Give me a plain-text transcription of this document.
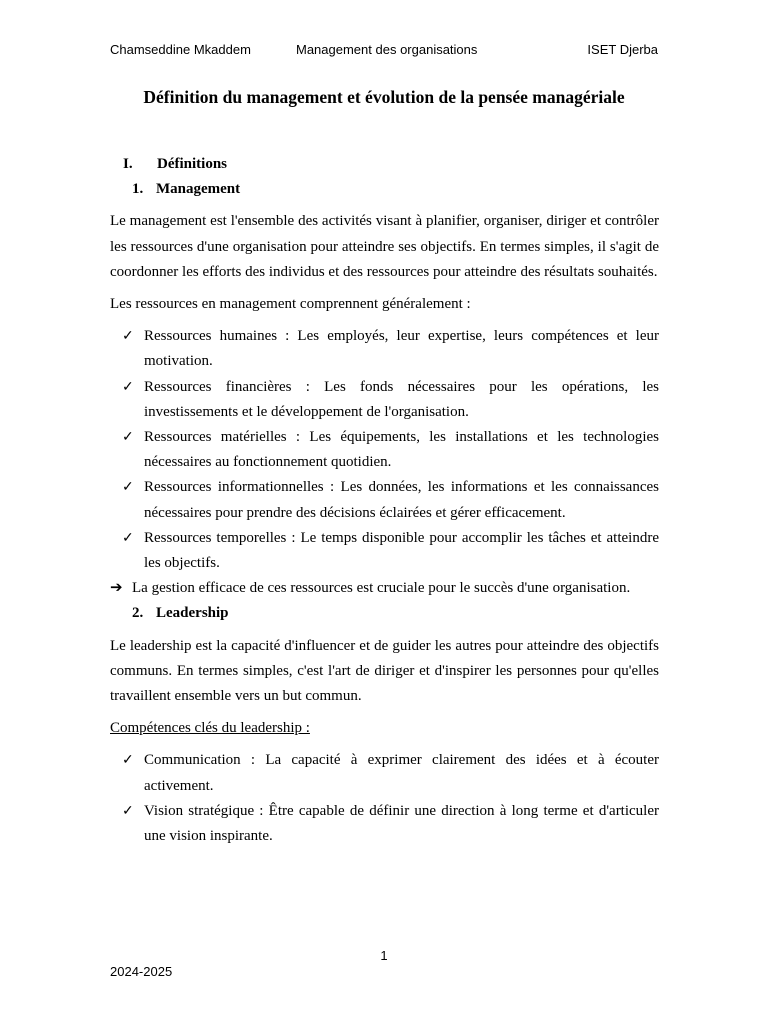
Chamseddine Mkaddem	Management des organisations	ISET Djerba
Définition du management et évolution de la pensée managériale
I.	Définitions
1. Management

Le management est l'ensemble des activités visant à planifier, organiser, diriger et contrôler les ressources d'une organisation pour atteindre ses objectifs. En termes simples, il s'agit de coordonner les efforts des individus et des ressources pour atteindre des résultats souhaités.

Les ressources en management comprennent généralement :

✓ Ressources humaines : Les employés, leur expertise, leurs compétences et leur motivation.
✓ Ressources financières : Les fonds nécessaires pour les opérations, les investissements et le développement de l'organisation.
✓ Ressources matérielles : Les équipements, les installations et les technologies nécessaires au fonctionnement quotidien.
✓ Ressources informationnelles : Les données, les informations et les connaissances nécessaires pour prendre des décisions éclairées et gérer efficacement.
✓ Ressources temporelles : Le temps disponible pour accomplir les tâches et atteindre les objectifs.
➔ La gestion efficace de ces ressources est cruciale pour le succès d'une organisation.
2. Leadership

Le leadership est la capacité d'influencer et de guider les autres pour atteindre des objectifs communs. En termes simples, c'est l'art de diriger et d'inspirer les personnes pour qu'elles travaillent ensemble vers un but commun.

Compétences clés du leadership :

✓ Communication : La capacité à exprimer clairement des idées et à écouter activement.
✓ Vision stratégique : Être capable de définir une direction à long terme et d'articuler une vision inspirante.
1
2024-2025
